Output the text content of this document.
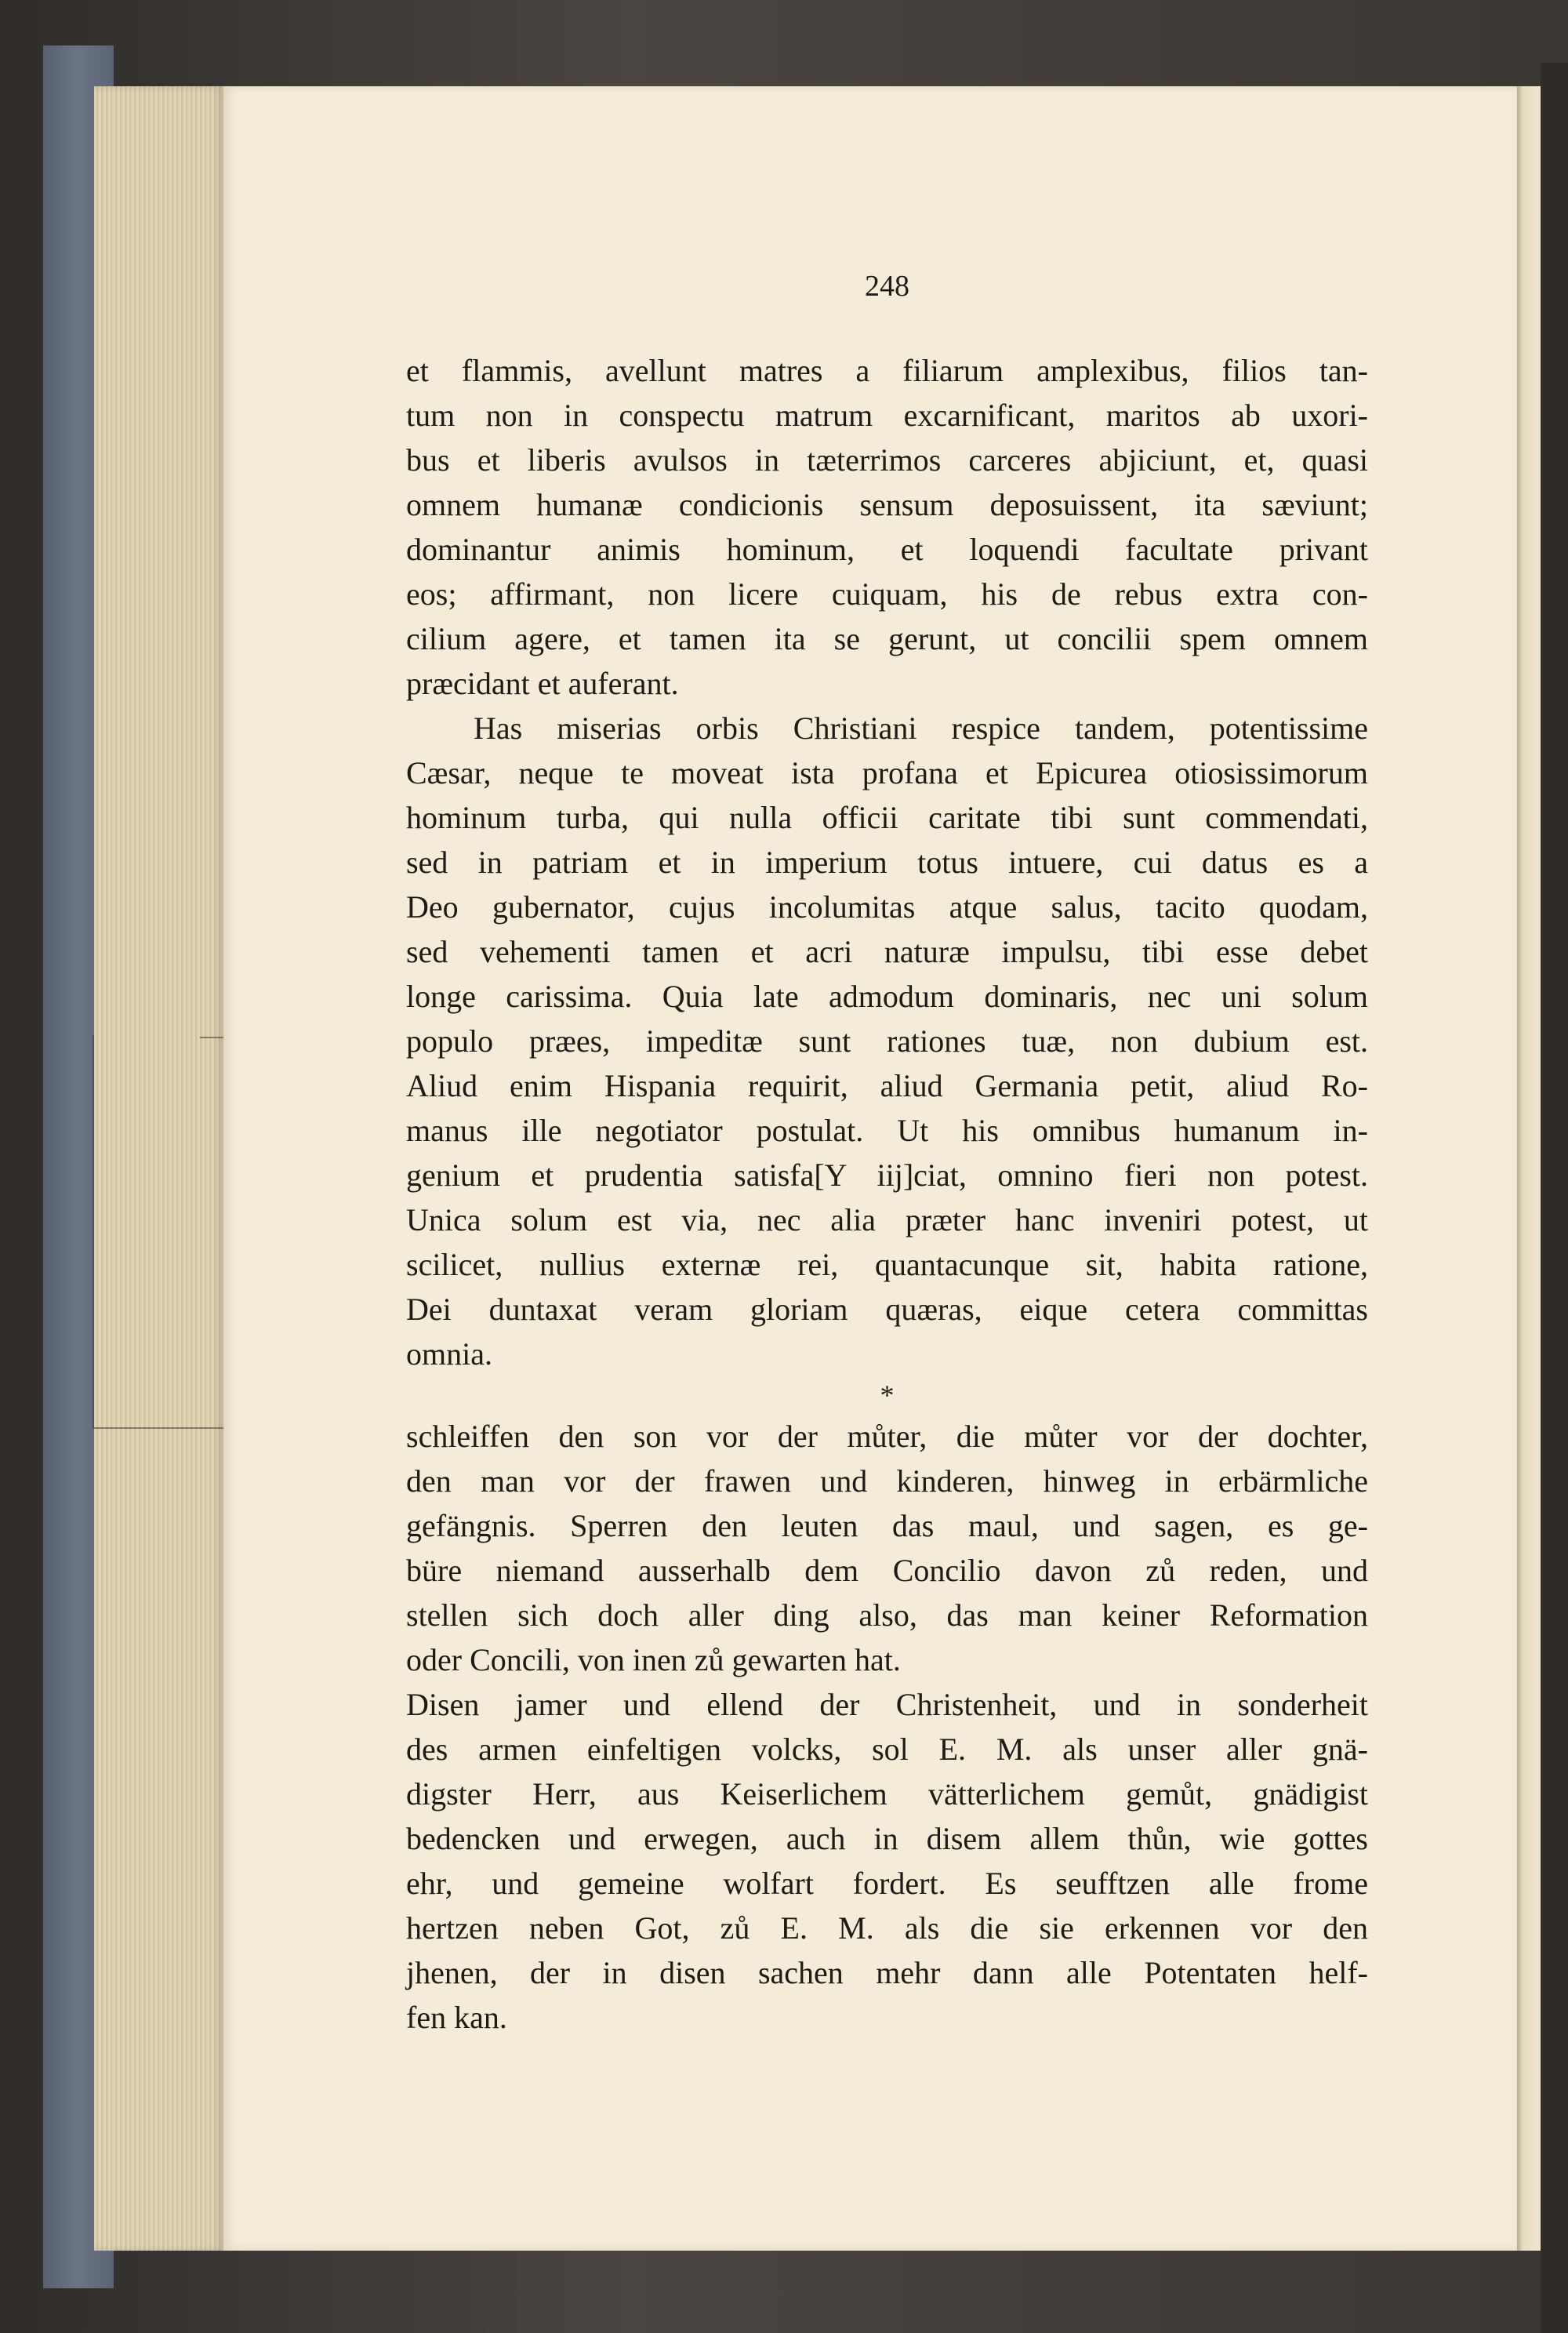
248
et flammis, avellunt matres a filiarum amplexibus, filios tan-
tum non in conspectu matrum excarnificant, maritos ab uxori-
bus et liberis avulsos in tæterrimos carceres abjiciunt, et, quasi
omnem humanæ condicionis sensum deposuissent, ita sæviunt;
dominantur animis hominum, et loquendi facultate privant
eos; affirmant, non licere cuiquam, his de rebus extra con-
cilium agere, et tamen ita se gerunt, ut concilii spem omnem
præcidant et auferant.
Has miserias orbis Christiani respice tandem, potentissime
Cæsar, neque te moveat ista profana et Epicurea otiosissimorum
hominum turba, qui nulla officii caritate tibi sunt commendati,
sed in patriam et in imperium totus intuere, cui datus es a
Deo gubernator, cujus incolumitas atque salus, tacito quodam,
sed vehementi tamen et acri naturæ impulsu, tibi esse debet
longe carissima. Quia late admodum dominaris, nec uni solum
populo præes, impeditæ sunt rationes tuæ, non dubium est.
Aliud enim Hispania requirit, aliud Germania petit, aliud Ro-
manus ille negotiator postulat. Ut his omnibus humanum in-
genium et prudentia satisfa[Y iij]ciat, omnino fieri non potest.
Unica solum est via, nec alia præter hanc inveniri potest, ut
scilicet, nullius externæ rei, quantacunque sit, habita ratione,
Dei duntaxat veram gloriam quæras, eique cetera committas
omnia.
*
schleiffen den son vor der můter, die můter vor der dochter,
den man vor der frawen und kinderen, hinweg in erbärmliche
gefängnis. Sperren den leuten das maul, und sagen, es ge-
büre niemand ausserhalb dem Concilio davon zů reden, und
stellen sich doch aller ding also, das man keiner Reformation
oder Concili, von inen zů gewarten hat.
Disen jamer und ellend der Christenheit, und in sonderheit
des armen einfeltigen volcks, sol E. M. als unser aller gnä-
digster Herr, aus Keiserlichem vätterlichem gemůt, gnädigist
bedencken und erwegen, auch in disem allem thůn, wie gottes
ehr, und gemeine wolfart fordert. Es seufftzen alle frome
hertzen neben Got, zů E. M. als die sie erkennen vor den
jhenen, der in disen sachen mehr dann alle Potentaten helf-
fen kan.
